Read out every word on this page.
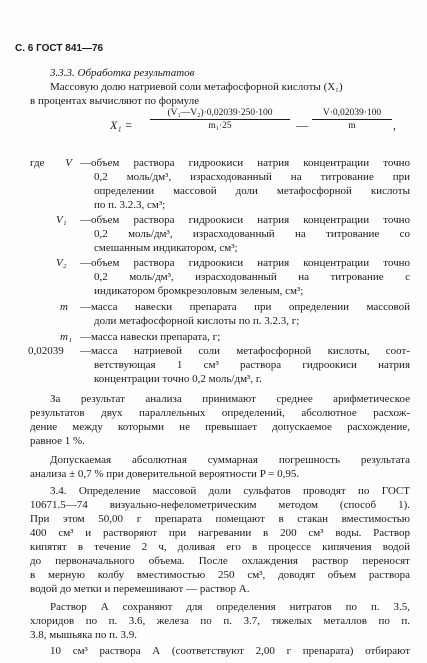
С. 6 ГОСТ 841—76
3.3.3. Обработка результатов
Массовую долю натриевой соли метафосфорной кислоты (X₁)
в процентах вычисляют по формуле
$X_1 = \frac{\text{(V₁—V₂)·0,02039·250·100}}{\text{m₁·25}}$ — $\frac{V\cdot 0,02039\cdot 100}{m}$ ,
где	V —объем раствора гидроокиси натрия концентрации точно
0,2 моль/дм³, израсходованный на титрование при
определении массовой доли метафосфорной кислоты
по п. 3.2.3, см³;
V₁	—объем раствора гидроокиси натрия концентрации точно
0,2 моль/дм³, израсходованный на титрование со
смешанным индикатором, см³;
V₂	—объем раствора гидроокиси натрия концентрации точно
0,2 моль/дм³, израсходованный на титрование с
индикатором бромкрезоловым зеленым, см³;
m	—масса навески препарата при определении массовой
доли метафосфорной кислоты по п. 3.2.3, г;
m₁ —масса навески препарата, г;
0,02039 —масса натриевой соли метафосфорной кислоты, соот-
ветствующая 1 см³ раствора гидроокиси натрия
концентрации точно 0,2 моль/дм³, г.
За результат анализа принимают среднее арифметическое
результатов двух параллельных определений, абсолютное расхож-
дение между которыми не превышает допускаемое расхождение,
равное 1 %.
Допускаемая абсолютная суммарная погрешность результата
анализа ± 0,7 % при доверительной вероятности P = 0,95.
3.4. Определение массовой доли сульфатов проводят по ГОСТ
10671.5—74 визуально-нефелометрическим методом (способ 1).
При этом 50,00 г препарата помещают в стакан вместимостью
400 см³ и растворяют при нагревании в 200 см³ воды. Раствор
кипятят в течение 2 ч, доливая его в процессе кипячения водой
до первоначального объема. После охлаждения раствор переносят
в мерную колбу вместимостью 250 см³, доводят объем раствора
водой до метки и перемешивают — раствор А.
Раствор А сохраняют для определения нитратов по п. 3.5,
хлоридов по п. 3.6, железа по п. 3.7, тяжелых металлов по п.
3.8, мышьяка по п. 3.9.
10 см³ раствора А (соответствуют 2,00 г препарата) отбирают
